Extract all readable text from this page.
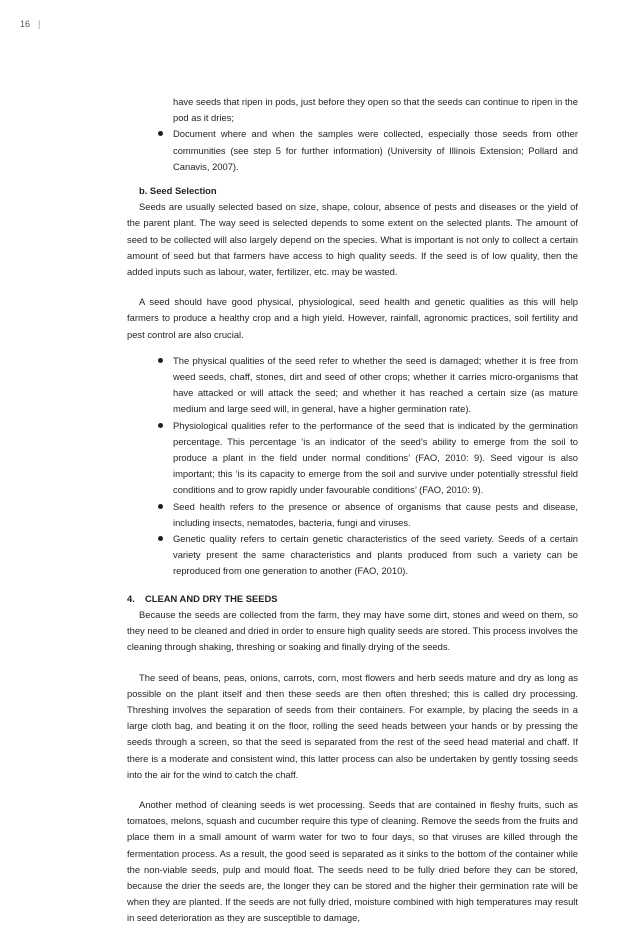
16 |
have seeds that ripen in pods, just before they open so that the seeds can continue to ripen in the pod as it dries;
Document where and when the samples were collected, especially those seeds from other communities (see step 5 for further information) (University of Illinois Extension; Pollard and Canavis, 2007).

b. Seed Selection

Seeds are usually selected based on size, shape, colour, absence of pests and diseases or the yield of the parent plant. The way seed is selected depends to some extent on the selected plants. The amount of seed to be collected will also largely depend on the species. What is important is not only to collect a certain amount of seed but that farmers have access to high quality seeds. If the seed is of low quality, then the added inputs such as labour, water, fertilizer, etc. may be wasted.

A seed should have good physical, physiological, seed health and genetic qualities as this will help farmers to produce a healthy crop and a high yield. However, rainfall, agronomic practices, soil fertility and pest control are also crucial.

The physical qualities of the seed refer to whether the seed is damaged; whether it is free from weed seeds, chaff, stones, dirt and seed of other crops; whether it carries micro-organisms that have attacked or will attack the seed; and whether it has reached a certain size (as mature medium and large seed will, in general, have a higher germination rate).
Physiological qualities refer to the performance of the seed that is indicated by the germination percentage. This percentage ‘is an indicator of the seed’s ability to emerge from the soil to produce a plant in the field under normal conditions’ (FAO, 2010: 9). Seed vigour is also important; this ‘is its capacity to emerge from the soil and survive under potentially stressful field conditions and to grow rapidly under favourable conditions’ (FAO, 2010: 9).
Seed health refers to the presence or absence of organisms that cause pests and disease, including insects, nematodes, bacteria, fungi and viruses.
Genetic quality refers to certain genetic characteristics of the seed variety. Seeds of a certain variety present the same characteristics and plants produced from such a variety can be reproduced from one generation to another (FAO, 2010).

4. CLEAN AND DRY THE SEEDS

Because the seeds are collected from the farm, they may have some dirt, stones and weed on them, so they need to be cleaned and dried in order to ensure high quality seeds are stored. This process involves the cleaning through shaking, threshing or soaking and finally drying of the seeds.

The seed of beans, peas, onions, carrots, corn, most flowers and herb seeds mature and dry as long as possible on the plant itself and then these seeds are then often threshed; this is called dry processing. Threshing involves the separation of seeds from their containers. For example, by placing the seeds in a large cloth bag, and beating it on the floor, rolling the seed heads between your hands or by pressing the seeds through a screen, so that the seed is separated from the rest of the seed head material and chaff. If there is a moderate and consistent wind, this latter process can also be undertaken by gently tossing seeds into the air for the wind to catch the chaff.

Another method of cleaning seeds is wet processing. Seeds that are contained in fleshy fruits, such as tomatoes, melons, squash and cucumber require this type of cleaning. Remove the seeds from the fruits and place them in a small amount of warm water for two to four days, so that viruses are killed through the fermentation process. As a result, the good seed is separated as it sinks to the bottom of the container while the non-viable seeds, pulp and mould float. The seeds need to be fully dried before they can be stored, because the drier the seeds are, the longer they can be stored and the higher their germination rate will be when they are planted. If the seeds are not fully dried, moisture combined with high temperatures may result in seed deterioration as they are susceptible to damage,
